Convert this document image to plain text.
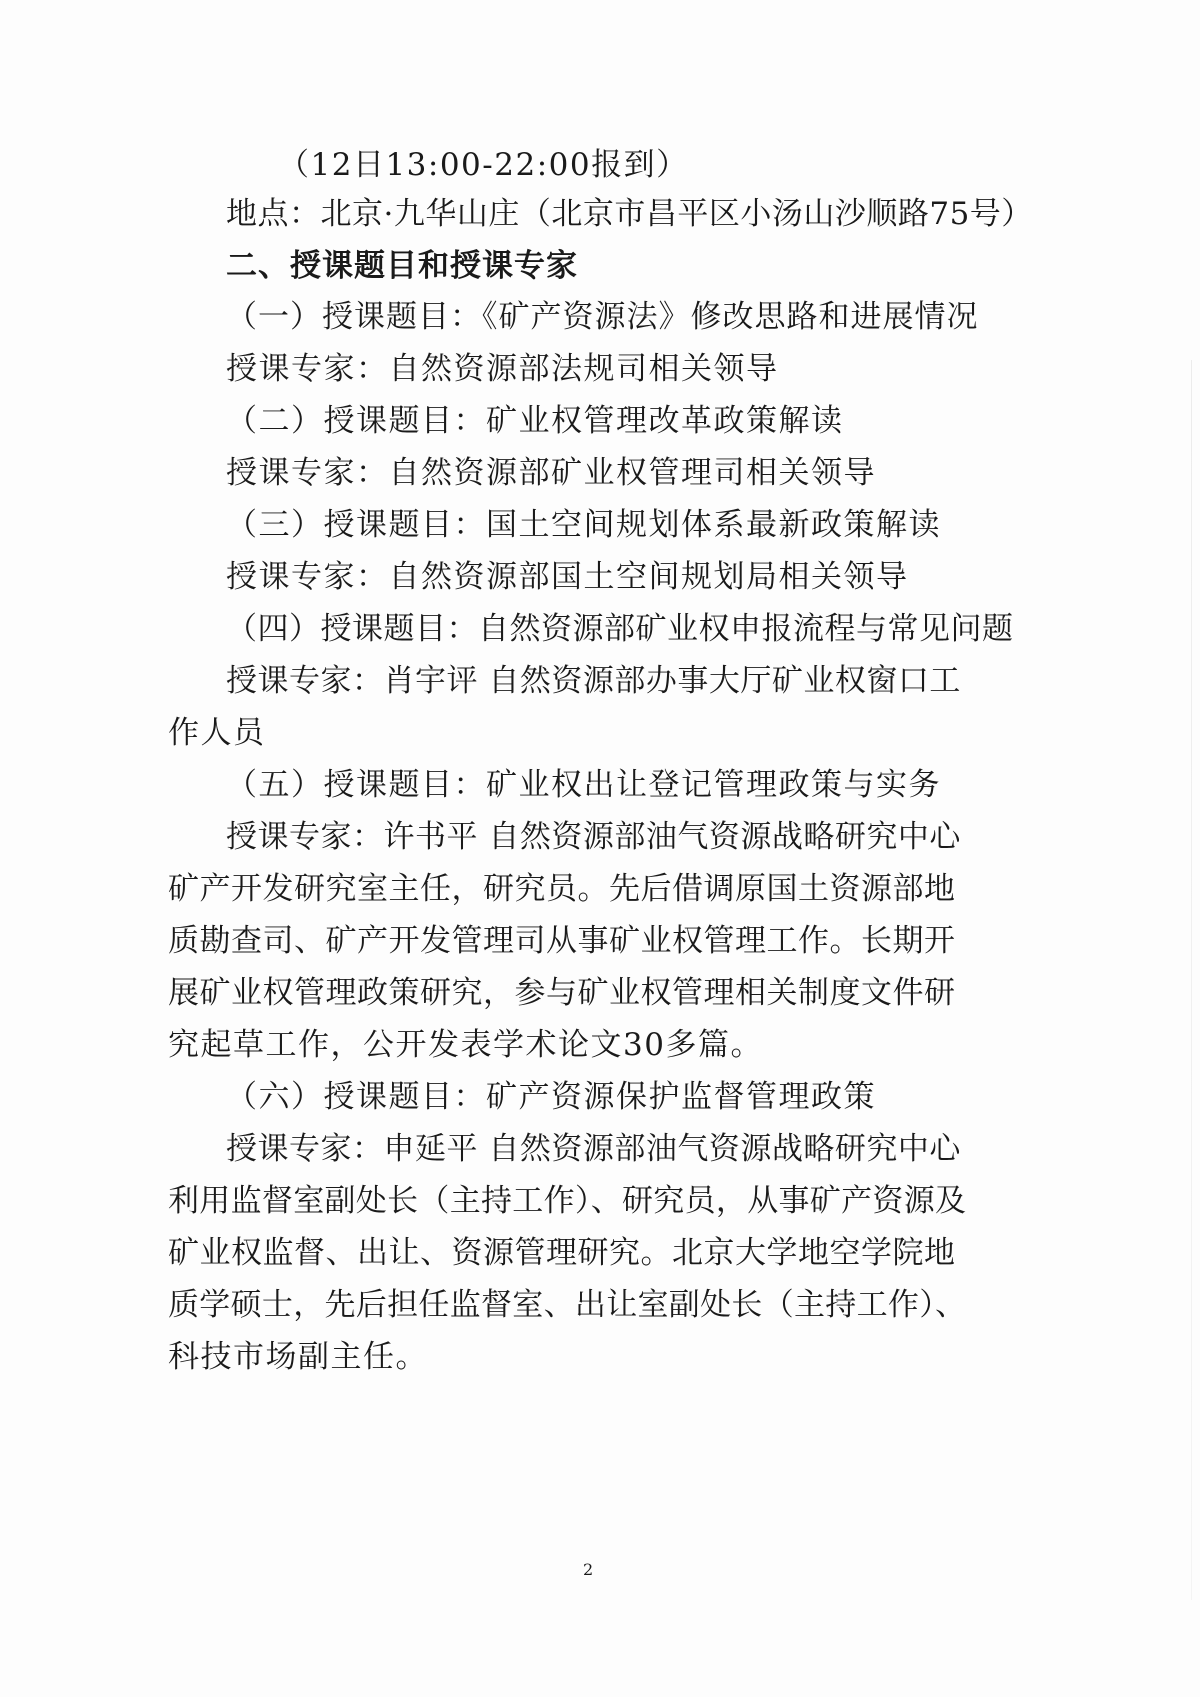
（12日13:00-22:00报到）
地点：北京·九华山庄（北京市昌平区小汤山沙顺路75号）
二、授课题目和授课专家
（一）授课题目：《矿产资源法》修改思路和进展情况
授课专家：自然资源部法规司相关领导
（二）授课题目：矿业权管理改革政策解读
授课专家：自然资源部矿业权管理司相关领导
（三）授课题目：国土空间规划体系最新政策解读
授课专家：自然资源部国土空间规划局相关领导
（四）授课题目：自然资源部矿业权申报流程与常见问题
授课专家：肖宇评 自然资源部办事大厅矿业权窗口工
作人员
（五）授课题目：矿业权出让登记管理政策与实务
授课专家：许书平 自然资源部油气资源战略研究中心
矿产开发研究室主任，研究员。先后借调原国土资源部地
质勘查司、矿产开发管理司从事矿业权管理工作。长期开
展矿业权管理政策研究，参与矿业权管理相关制度文件研
究起草工作，公开发表学术论文30多篇。
（六）授课题目：矿产资源保护监督管理政策
授课专家：申延平 自然资源部油气资源战略研究中心
利用监督室副处长（主持工作）、研究员，从事矿产资源及
矿业权监督、出让、资源管理研究。北京大学地空学院地
质学硕士，先后担任监督室、出让室副处长（主持工作）、
科技市场副主任。
2
